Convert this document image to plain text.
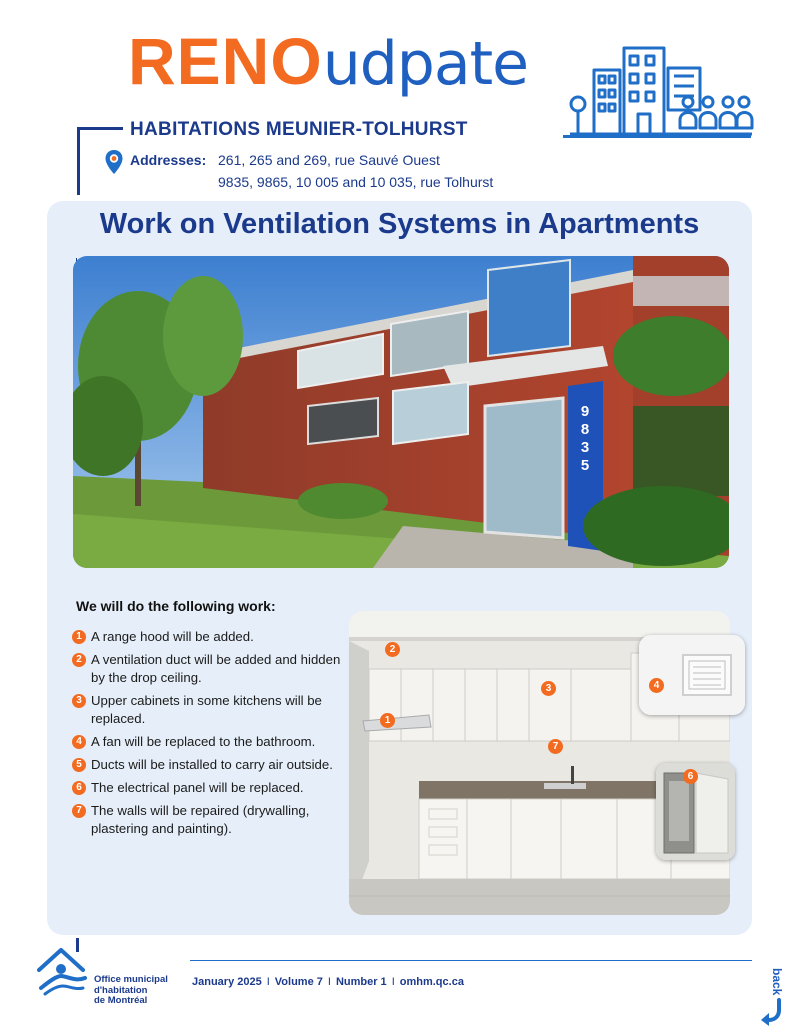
RENOudpate
HABITATIONS MEUNIER-TOLHURST
Addresses: 261, 265 and 269, rue Sauvé Ouest
9835, 9865, 10 005 and 10 035, rue Tolhurst
Work on Ventilation Systems in Apartments
9
8
3
5
We will do the following work:
1 A range hood will be added.
2 A ventilation duct will be added and hidden by the drop ceiling.
3 Upper cabinets in some kitchens will be replaced.
4 A fan will be replaced to the bathroom.
5 Ducts will be installed to carry air outside.
6 The electrical panel will be replaced.
7 The walls will be repaired (drywalling, plastering and painting).
1
2
3	4
6
7
Office municipal
d'habitation
de Montréal
January 2025 I Volume 7 I Number 1 I omhm.qc.ca	back
